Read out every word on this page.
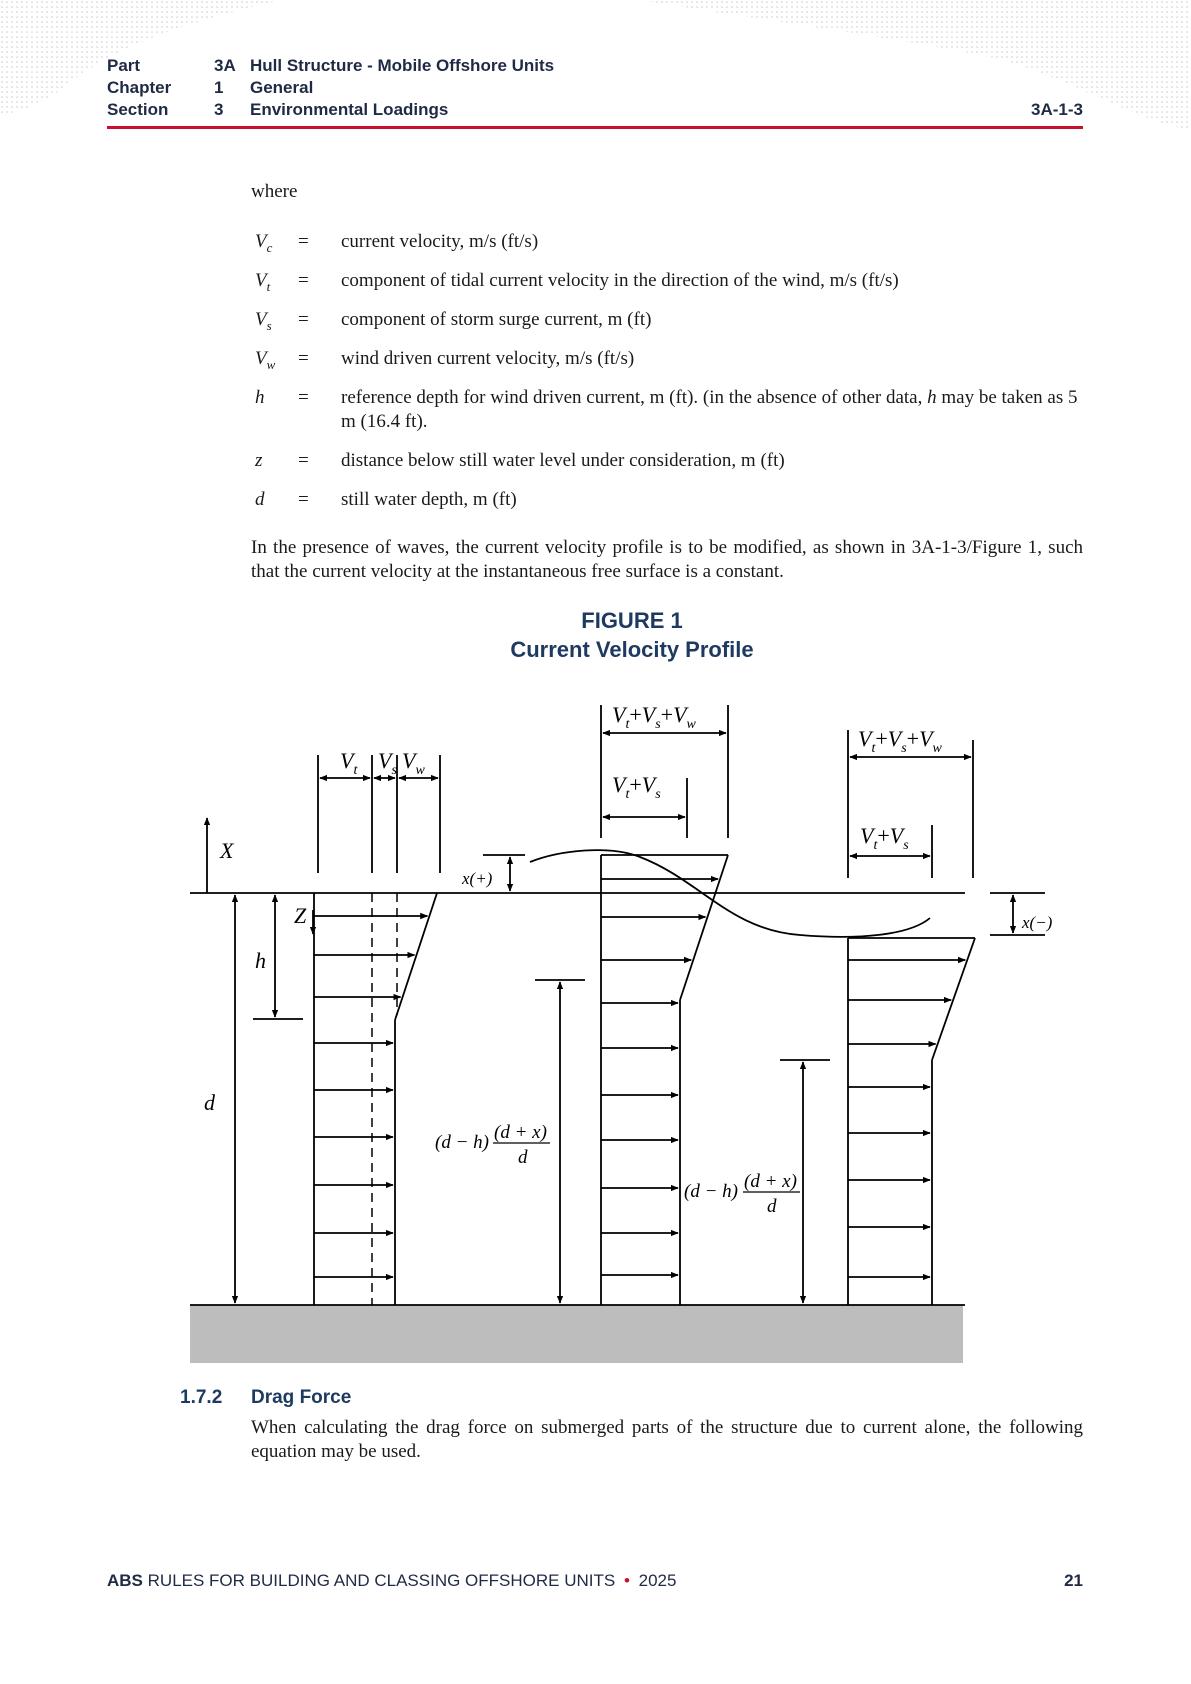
Part	3A Hull Structure - Mobile Offshore Units
Chapter	1 General
Section	3 Environmental Loadings	3A-1-3
where
$V_c$ = current velocity, m/s (ft/s)
$V_t$ = component of tidal current velocity in the direction of the wind, m/s (ft/s)
$V_s$ = component of storm surge current, m (ft)
$V_w$ = wind driven current velocity, m/s (ft/s)
h = reference depth for wind driven current, m (ft). (in the absence of other data, h may be taken as 5 m (16.4 ft).
z = distance below still water level under consideration, m (ft)
d = still water depth, m (ft)
In the presence of waves, the current velocity profile is to be modified, as shown in 3A-1-3/Figure 1, such that the current velocity at the instantaneous free surface is a constant.
FIGURE 1
Current Velocity Profile
X
Z
h
d
$V_t$ $V_s$ $V_w$
$V_t+V_s+V_w$
$V_t+V_s$
$V_t+V_s+V_w$
$V_t+V_s$
x(+)
x(−)
(d − h) (d + x)
d
(d − h) (d + x)
d
1.7.2 Drag Force
When calculating the drag force on submerged parts of the structure due to current alone, the following equation may be used.
ABS RULES FOR BUILDING AND CLASSING OFFSHORE UNITS • 2025	21
